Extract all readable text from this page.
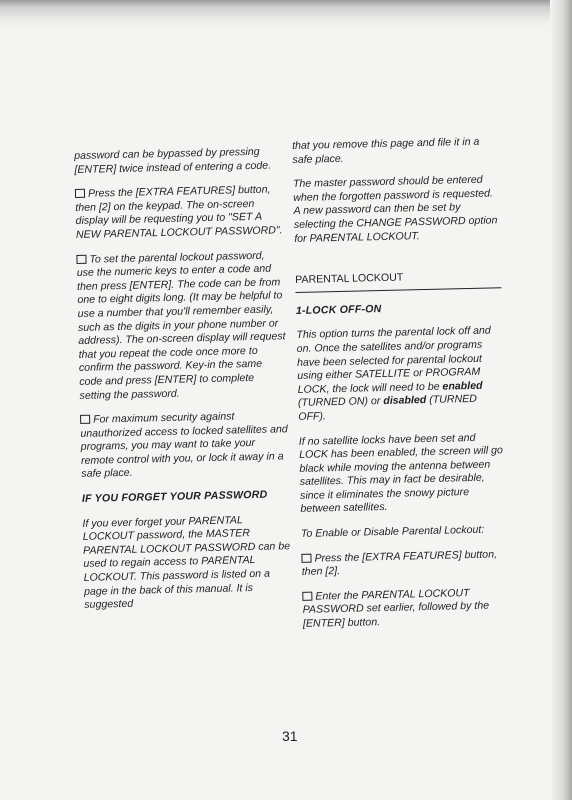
password can be bypassed by pressing [ENTER] twice instead of entering a code.

Press the [EXTRA FEATURES] button, then [2] on the keypad. The on-screen display will be requesting you to "SET A NEW PARENTAL LOCKOUT PASSWORD".

To set the parental lockout password, use the numeric keys to enter a code and then press [ENTER]. The code can be from one to eight digits long. (It may be helpful to use a number that you'll remember easily, such as the digits in your phone number or address). The on-screen display will request that you repeat the code once more to confirm the password. Key-in the same code and press [ENTER] to complete setting the password.

For maximum security against unauthorized access to locked satellites and programs, you may want to take your remote control with you, or lock it away in a safe place.

IF YOU FORGET YOUR PASSWORD

If you ever forget your PARENTAL LOCKOUT password, the MASTER PARENTAL LOCKOUT PASSWORD can be used to regain access to PARENTAL LOCKOUT. This password is listed on a page in the back of this manual. It is suggested

that you remove this page and file it in a safe place.

The master password should be entered when the forgotten password is requested. A new password can then be set by selecting the CHANGE PASSWORD option for PARENTAL LOCKOUT.

PARENTAL LOCKOUT
1-LOCK OFF-ON

This option turns the parental lock off and on. Once the satellites and/or programs have been selected for parental lockout using either SATELLITE or PROGRAM LOCK, the lock will need to be enabled (TURNED ON) or disabled (TURNED OFF).

If no satellite locks have been set and LOCK has been enabled, the screen will go black while moving the antenna between satellites. This may in fact be desirable, since it eliminates the snowy picture between satellites.

To Enable or Disable Parental Lockout:

Press the [EXTRA FEATURES] button, then [2].

Enter the PARENTAL LOCKOUT PASSWORD set earlier, followed by the [ENTER] button.

31
